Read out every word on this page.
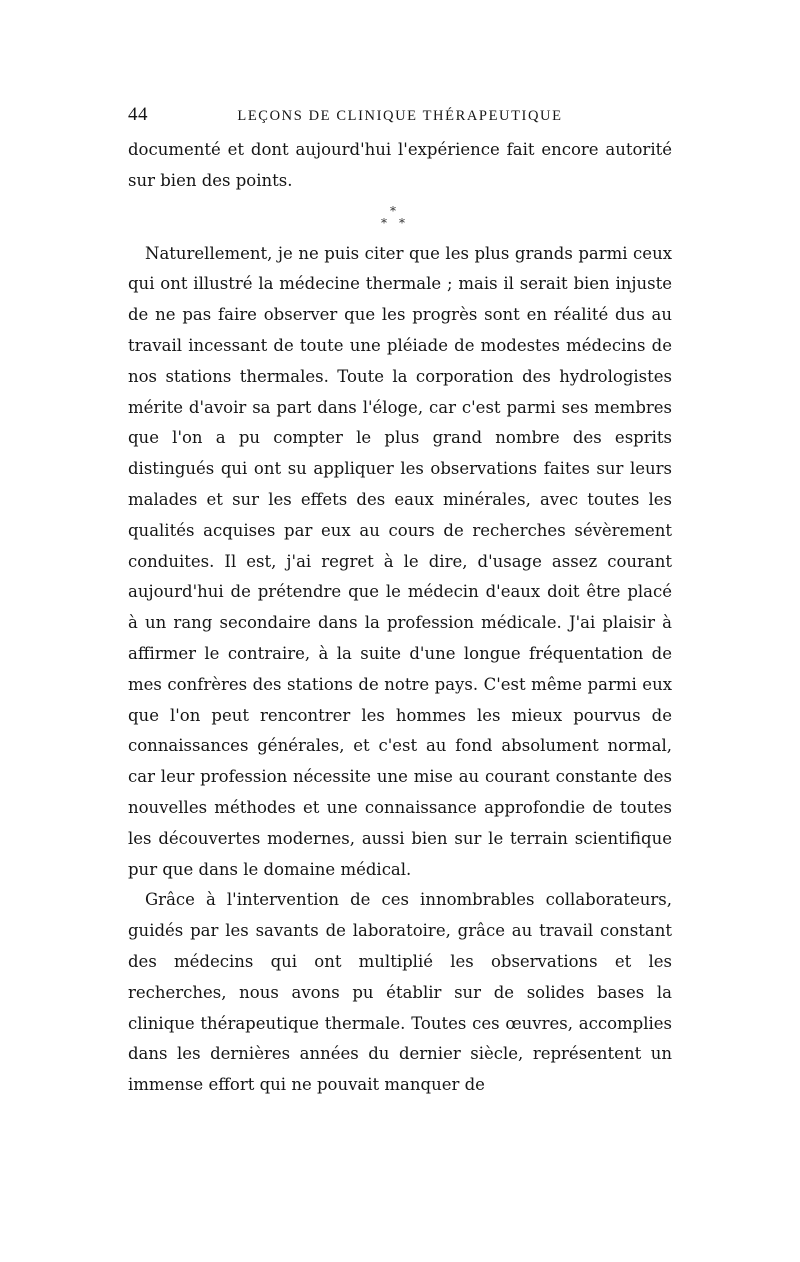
44	LEÇONS DE CLINIQUE THÉRAPEUTIQUE

documenté et dont aujourd'hui l'expérience fait encore autorité sur bien des points.

*
* *

Naturellement, je ne puis citer que les plus grands parmi ceux qui ont illustré la médecine thermale ; mais il serait bien injuste de ne pas faire observer que les progrès sont en réalité dus au travail incessant de toute une pléiade de modestes médecins de nos stations thermales. Toute la corporation des hydrologistes mérite d'avoir sa part dans l'éloge, car c'est parmi ses membres que l'on a pu compter le plus grand nombre des esprits distingués qui ont su appliquer les observations faites sur leurs malades et sur les effets des eaux minérales, avec toutes les qualités acquises par eux au cours de recherches sévèrement conduites. Il est, j'ai regret à le dire, d'usage assez courant aujourd'hui de prétendre que le médecin d'eaux doit être placé à un rang secondaire dans la profession médicale. J'ai plaisir à affirmer le contraire, à la suite d'une longue fréquentation de mes confrères des stations de notre pays. C'est même parmi eux que l'on peut rencontrer les hommes les mieux pourvus de connaissances générales, et c'est au fond absolument normal, car leur profession nécessite une mise au courant constante des nouvelles méthodes et une connaissance approfondie de toutes les découvertes modernes, aussi bien sur le terrain scientifique pur que dans le domaine médical.

Grâce à l'intervention de ces innombrables collaborateurs, guidés par les savants de laboratoire, grâce au travail constant des médecins qui ont multiplié les observations et les recherches, nous avons pu établir sur de solides bases la clinique thérapeutique thermale. Toutes ces œuvres, accomplies dans les dernières années du dernier siècle, représentent un immense effort qui ne pouvait manquer de
